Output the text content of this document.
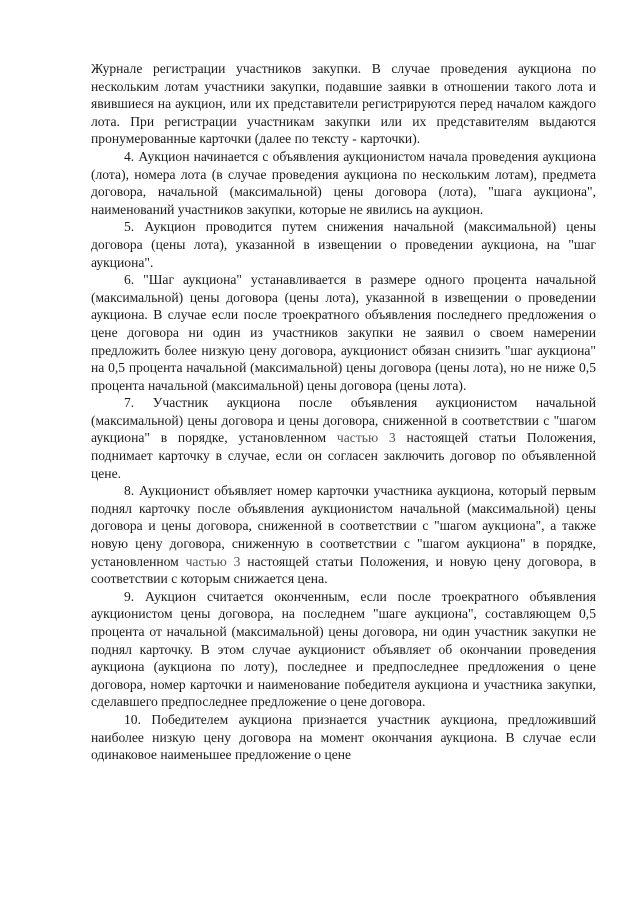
Журнале регистрации участников закупки. В случае проведения аукциона по нескольким лотам участники закупки, подавшие заявки в отношении такого лота и явившиеся на аукцион, или их представители регистрируются перед началом каждого лота. При регистрации участникам закупки или их представителям выдаются пронумерованные карточки (далее по тексту - карточки).

4. Аукцион начинается с объявления аукционистом начала проведения аукциона (лота), номера лота (в случае проведения аукциона по нескольким лотам), предмета договора, начальной (максимальной) цены договора (лота), "шага аукциона", наименований участников закупки, которые не явились на аукцион.

5. Аукцион проводится путем снижения начальной (максимальной) цены договора (цены лота), указанной в извещении о проведении аукциона, на "шаг аукциона".

6. "Шаг аукциона" устанавливается в размере одного процента начальной (максимальной) цены договора (цены лота), указанной в извещении о проведении аукциона. В случае если после троекратного объявления последнего предложения о цене договора ни один из участников закупки не заявил о своем намерении предложить более низкую цену договора, аукционист обязан снизить "шаг аукциона" на 0,5 процента начальной (максимальной) цены договора (цены лота), но не ниже 0,5 процента начальной (максимальной) цены договора (цены лота).

7. Участник аукциона после объявления аукционистом начальной (максимальной) цены договора и цены договора, сниженной в соответствии с "шагом аукциона" в порядке, установленном частью 3 настоящей статьи Положения, поднимает карточку в случае, если он согласен заключить договор по объявленной цене.

8. Аукционист объявляет номер карточки участника аукциона, который первым поднял карточку после объявления аукционистом начальной (максимальной) цены договора и цены договора, сниженной в соответствии с "шагом аукциона", а также новую цену договора, сниженную в соответствии с "шагом аукциона" в порядке, установленном частью 3 настоящей статьи Положения, и новую цену договора, в соответствии с которым снижается цена.

9. Аукцион считается оконченным, если после троекратного объявления аукционистом цены договора, на последнем "шаге аукциона", составляющем 0,5 процента от начальной (максимальной) цены договора, ни один участник закупки не поднял карточку. В этом случае аукционист объявляет об окончании проведения аукциона (аукциона по лоту), последнее и предпоследнее предложения о цене договора, номер карточки и наименование победителя аукциона и участника закупки, сделавшего предпоследнее предложение о цене договора.

10. Победителем аукциона признается участник аукциона, предложивший наиболее низкую цену договора на момент окончания аукциона. В случае если одинаковое наименьшее предложение о цене
